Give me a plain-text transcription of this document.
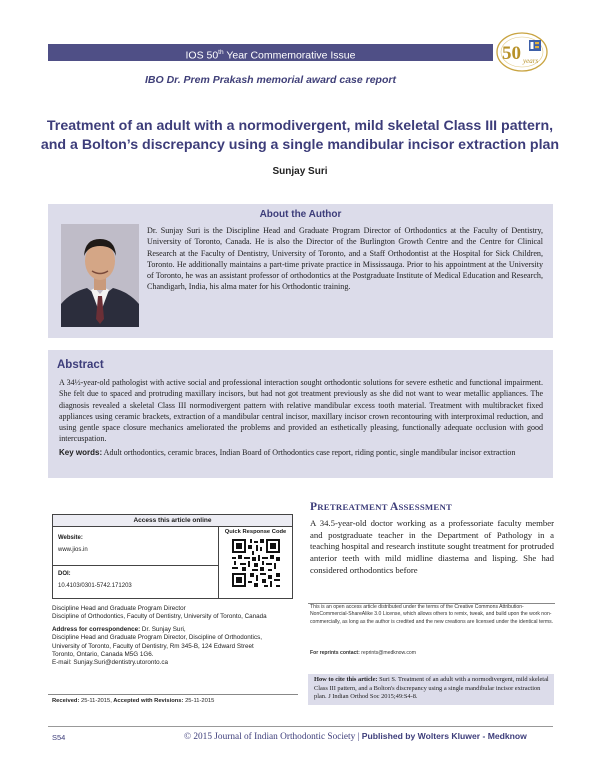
IOS 50th Year Commemorative Issue	50 years
IBO Dr. Prem Prakash memorial award case report
Treatment of an adult with a normodivergent, mild skeletal Class III pattern, and a Bolton’s discrepancy using a single mandibular incisor extraction plan
Sunjay Suri
About the Author
Dr. Sunjay Suri is the Discipline Head and Graduate Program Director of Orthodontics at the Faculty of Dentistry, University of Toronto, Canada. He is also the Director of the Burlington Growth Centre and the Centre for Clinical Research at the Faculty of Dentistry, University of Toronto, and a Staff Orthodontist at the Hospital for Sick Children, Toronto. He additionally maintains a part-time private practice in Mississauga. Prior to his appointment at the University of Toronto, he was an assistant professor of orthodontics at the Postgraduate Institute of Medical Education and Research, Chandigarh, India, his alma mater for his Orthodontic training.
Abstract
A 34½-year-old pathologist with active social and professional interaction sought orthodontic solutions for severe esthetic and functional impairment. She felt due to spaced and protruding maxillary incisors, but had not got treatment previously as she did not want to wear metallic appliances. The diagnosis revealed a skeletal Class III normodivergent pattern with relative mandibular excess tooth material. Treatment with multibracket fixed appliances using ceramic brackets, extraction of a mandibular central incisor, maxillary incisor crown recontouring with interproximal reduction, and using gentle space closure mechanics ameliorated the problems and provided an esthetically pleasing, functionally adequate occlusion with good intercuspation.
Key words: Adult orthodontics, ceramic braces, Indian Board of Orthodontics case report, riding pontic, single mandibular incisor extraction
Access this article online
Website:
www.jios.in
DOI:
10.4103/0301-5742.171203
Quick Response Code
PRETREATMENT ASSESSMENT
A 34.5-year-old doctor working as a professoriate faculty member and postgraduate teacher in the Department of Pathology in a teaching hospital and research institute sought treatment for protruded anterior teeth with mild midline diastema and lisping. She had considered orthodontics before
This is an open access article distributed under the terms of the Creative Commons Attribution-NonCommercial-ShareAlike 3.0 License, which allows others to remix, tweak, and build upon the work non-commercially, as long as the author is credited and the new creations are licensed under the identical terms.
For reprints contact: reprints@medknow.com
How to cite this article: Suri S. Treatment of an adult with a normodivergent, mild skeletal Class III pattern, and a Bolton's discrepancy using a single mandibular incisor extraction plan. J Indian Orthod Soc 2015;49:S4-8.
Discipline Head and Graduate Program Director
Discipline of Orthodontics, Faculty of Dentistry, University of Toronto, Canada
Address for correspondence: Dr. Sunjay Suri,
Discipline Head and Graduate Program Director, Discipline of Orthodontics,
University of Toronto, Faculty of Dentistry, Rm 345-B, 124 Edward Street
Toronto, Ontario, Canada M5G 1G6.
E-mail: Sunjay.Suri@dentistry.utoronto.ca
Received: 25-11-2015, Accepted with Revisions: 25-11-2015
S54	© 2015 Journal of Indian Orthodontic Society | Published by Wolters Kluwer - Medknow
